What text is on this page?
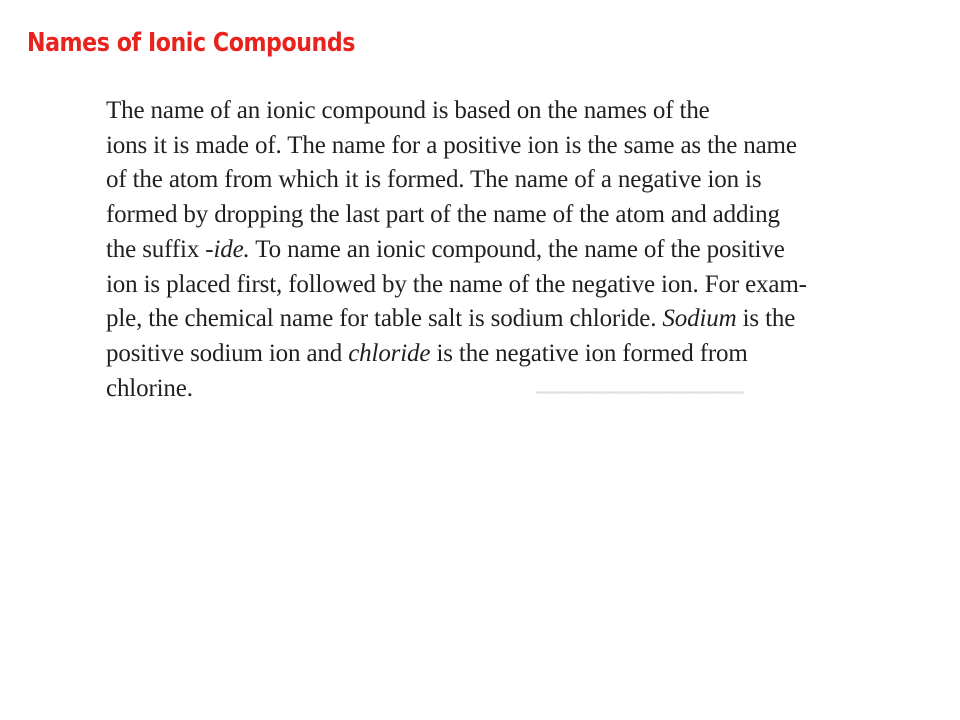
Names of Ionic Compounds

The name of an ionic compound is based on the names of the
ions it is made of. The name for a positive ion is the same as the name
of the atom from which it is formed. The name of a negative ion is
formed by dropping the last part of the name of the atom and adding
the suffix -ide. To name an ionic compound, the name of the positive
ion is placed first, followed by the name of the negative ion. For exam-
ple, the chemical name for table salt is sodium chloride. Sodium is the
positive sodium ion and chloride is the negative ion formed from
chlorine.	▁▁▁▁▁▁▁▁▁▁▁▁▁▁▁▁▁▁
